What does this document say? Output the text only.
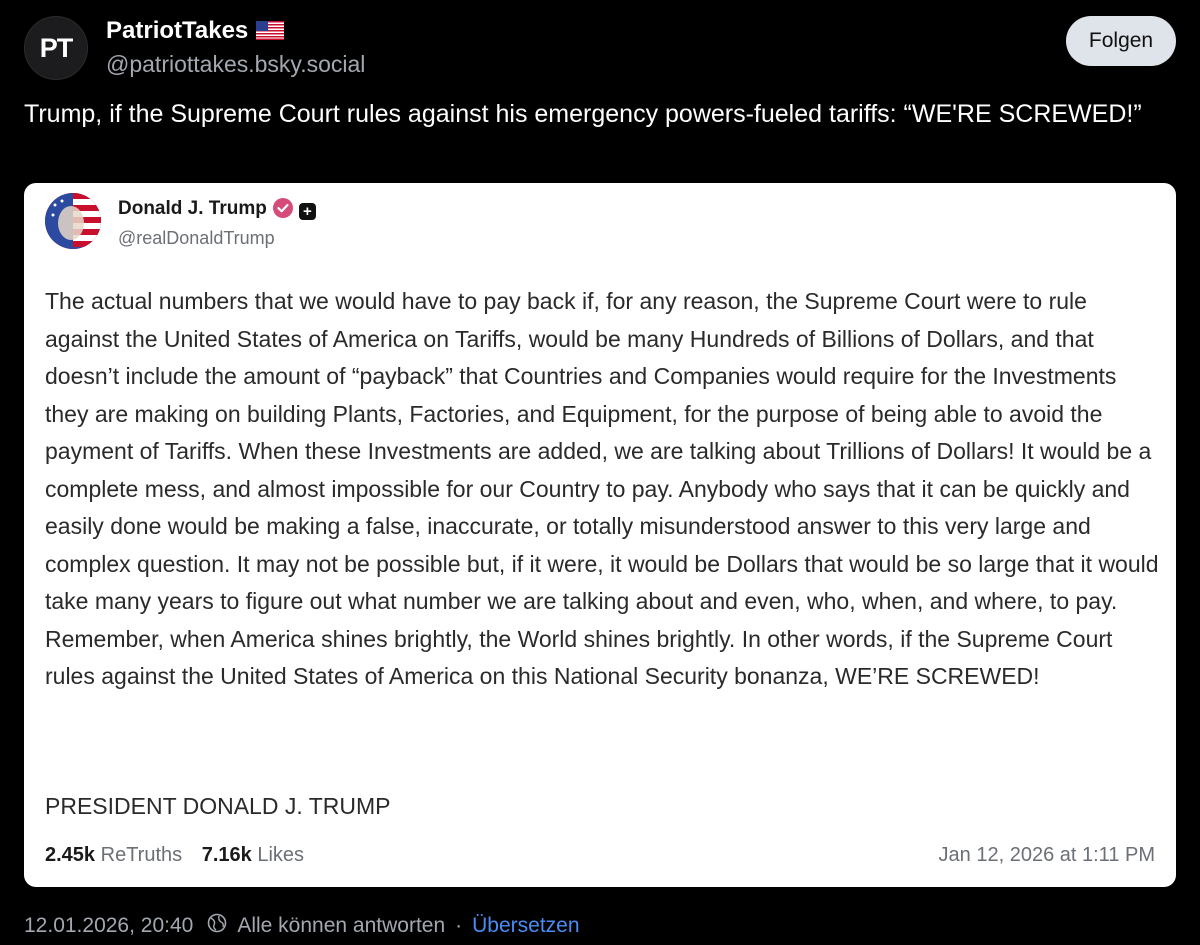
PT
PatriotTakes
@patriottakes.bsky.social
Folgen
Trump, if the Supreme Court rules against his emergency powers-fueled tariffs: “WE'RE SCREWED!”
Donald J. Trump +
@realDonaldTrump
The actual numbers that we would have to pay back if, for any reason, the Supreme Court were to rule against the United States of America on Tariffs, would be many Hundreds of Billions of Dollars, and that doesn’t include the amount of “payback” that Countries and Companies would require for the Investments they are making on building Plants, Factories, and Equipment, for the purpose of being able to avoid the payment of Tariffs. When these Investments are added, we are talking about Trillions of Dollars! It would be a complete mess, and almost impossible for our Country to pay. Anybody who says that it can be quickly and easily done would be making a false, inaccurate, or totally misunderstood answer to this very large and complex question. It may not be possible but, if it were, it would be Dollars that would be so large that it would take many years to figure out what number we are talking about and even, who, when, and where, to pay. Remember, when America shines brightly, the World shines brightly. In other words, if the Supreme Court rules against the United States of America on this National Security bonanza, WE’RE SCREWED!
PRESIDENT DONALD J. TRUMP
2.45k ReTruths 7.16k Likes	Jan 12, 2026 at 1:11 PM
12.01.2026, 20:40 Alle können antworten · Übersetzen
